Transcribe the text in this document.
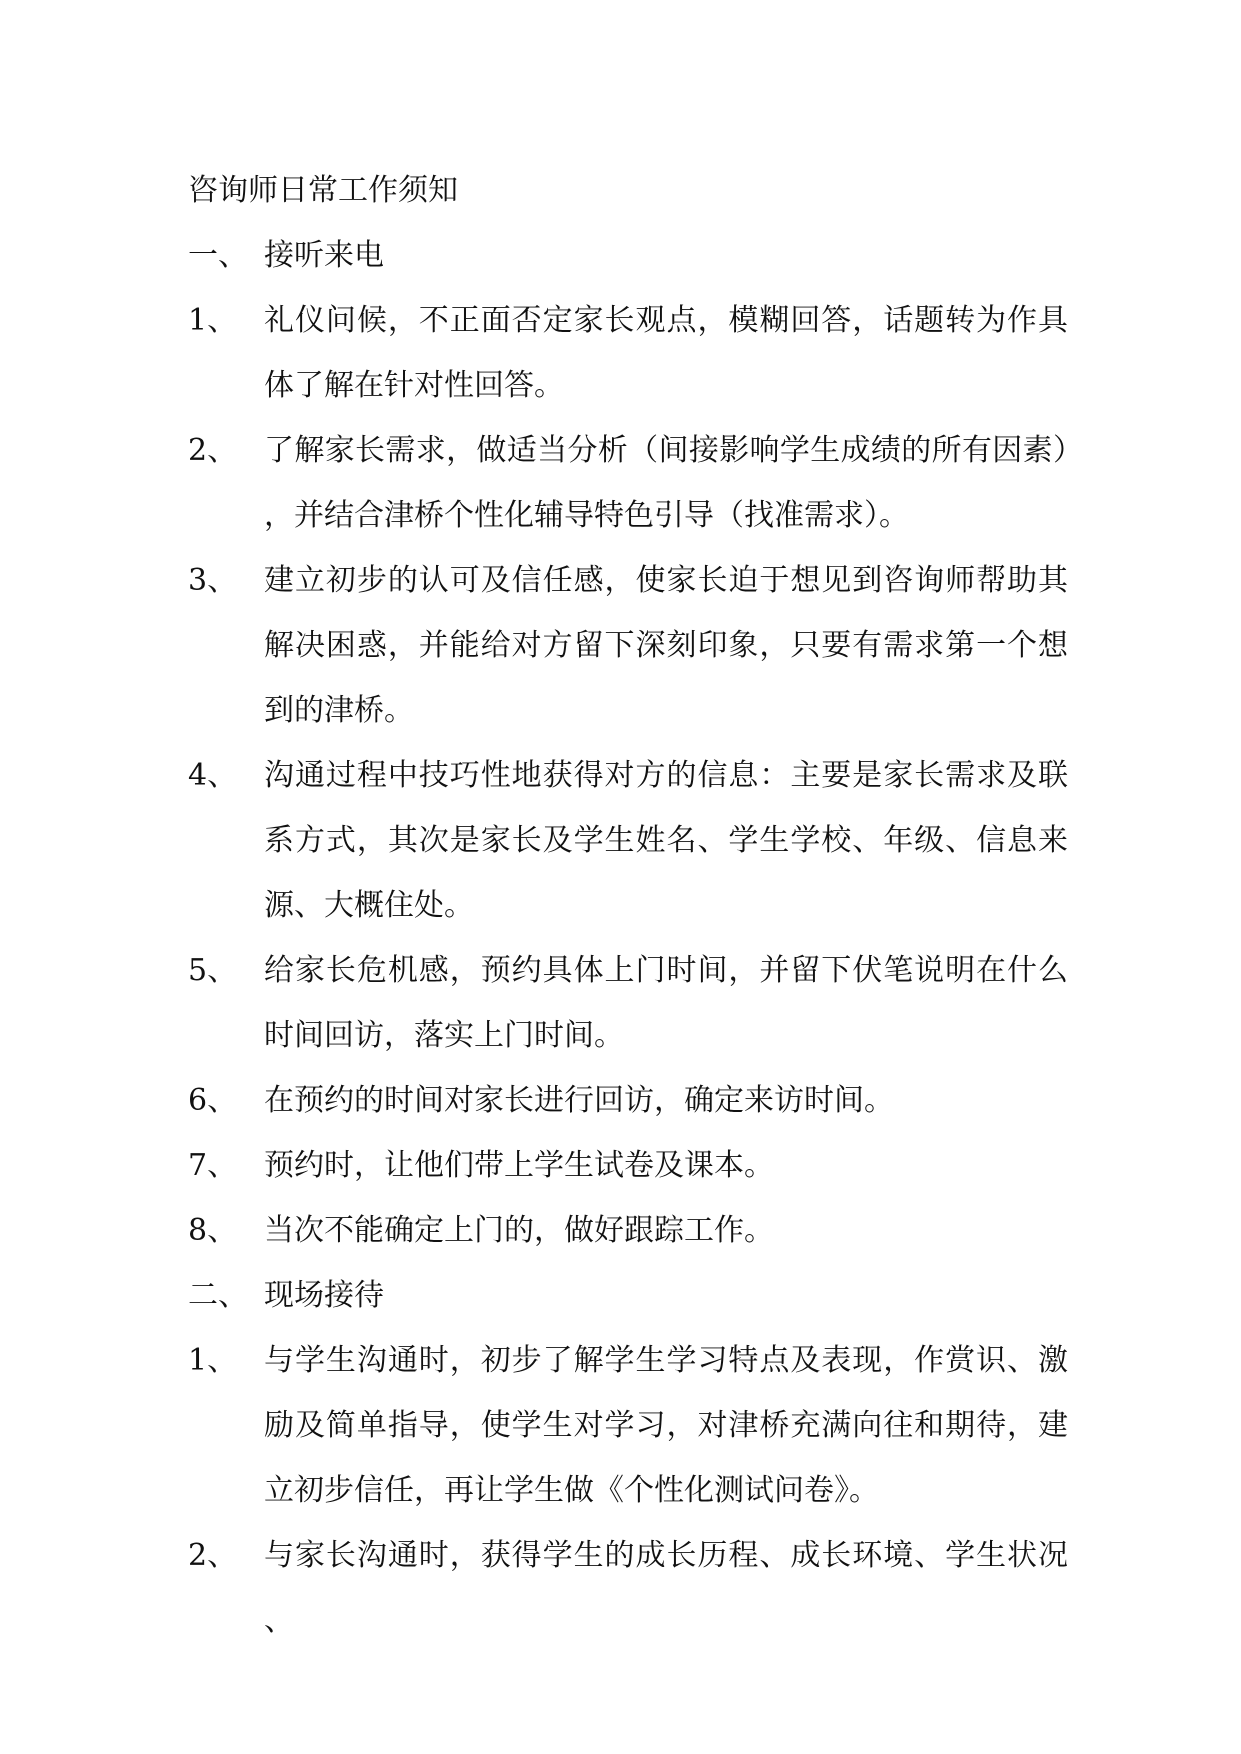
咨询师日常工作须知
一、 接听来电
1、 礼仪问候，不正面否定家长观点，模糊回答，话题转为作具体了解在针对性回答。
2、 了解家长需求，做适当分析（间接影响学生成绩的所有因素），并结合津桥个性化辅导特色引导（找准需求）。
3、 建立初步的认可及信任感，使家长迫于想见到咨询师帮助其解决困惑，并能给对方留下深刻印象，只要有需求第一个想到的津桥。
4、 沟通过程中技巧性地获得对方的信息：主要是家长需求及联系方式，其次是家长及学生姓名、学生学校、年级、信息来源、大概住处。
5、 给家长危机感，预约具体上门时间，并留下伏笔说明在什么时间回访，落实上门时间。
6、 在预约的时间对家长进行回访，确定来访时间。
7、 预约时，让他们带上学生试卷及课本。
8、 当次不能确定上门的，做好跟踪工作。
二、 现场接待
1、 与学生沟通时，初步了解学生学习特点及表现，作赏识、激励及简单指导，使学生对学习，对津桥充满向往和期待，建立初步信任，再让学生做《个性化测试问卷》。
2、 与家长沟通时，获得学生的成长历程、成长环境、学生状况、
